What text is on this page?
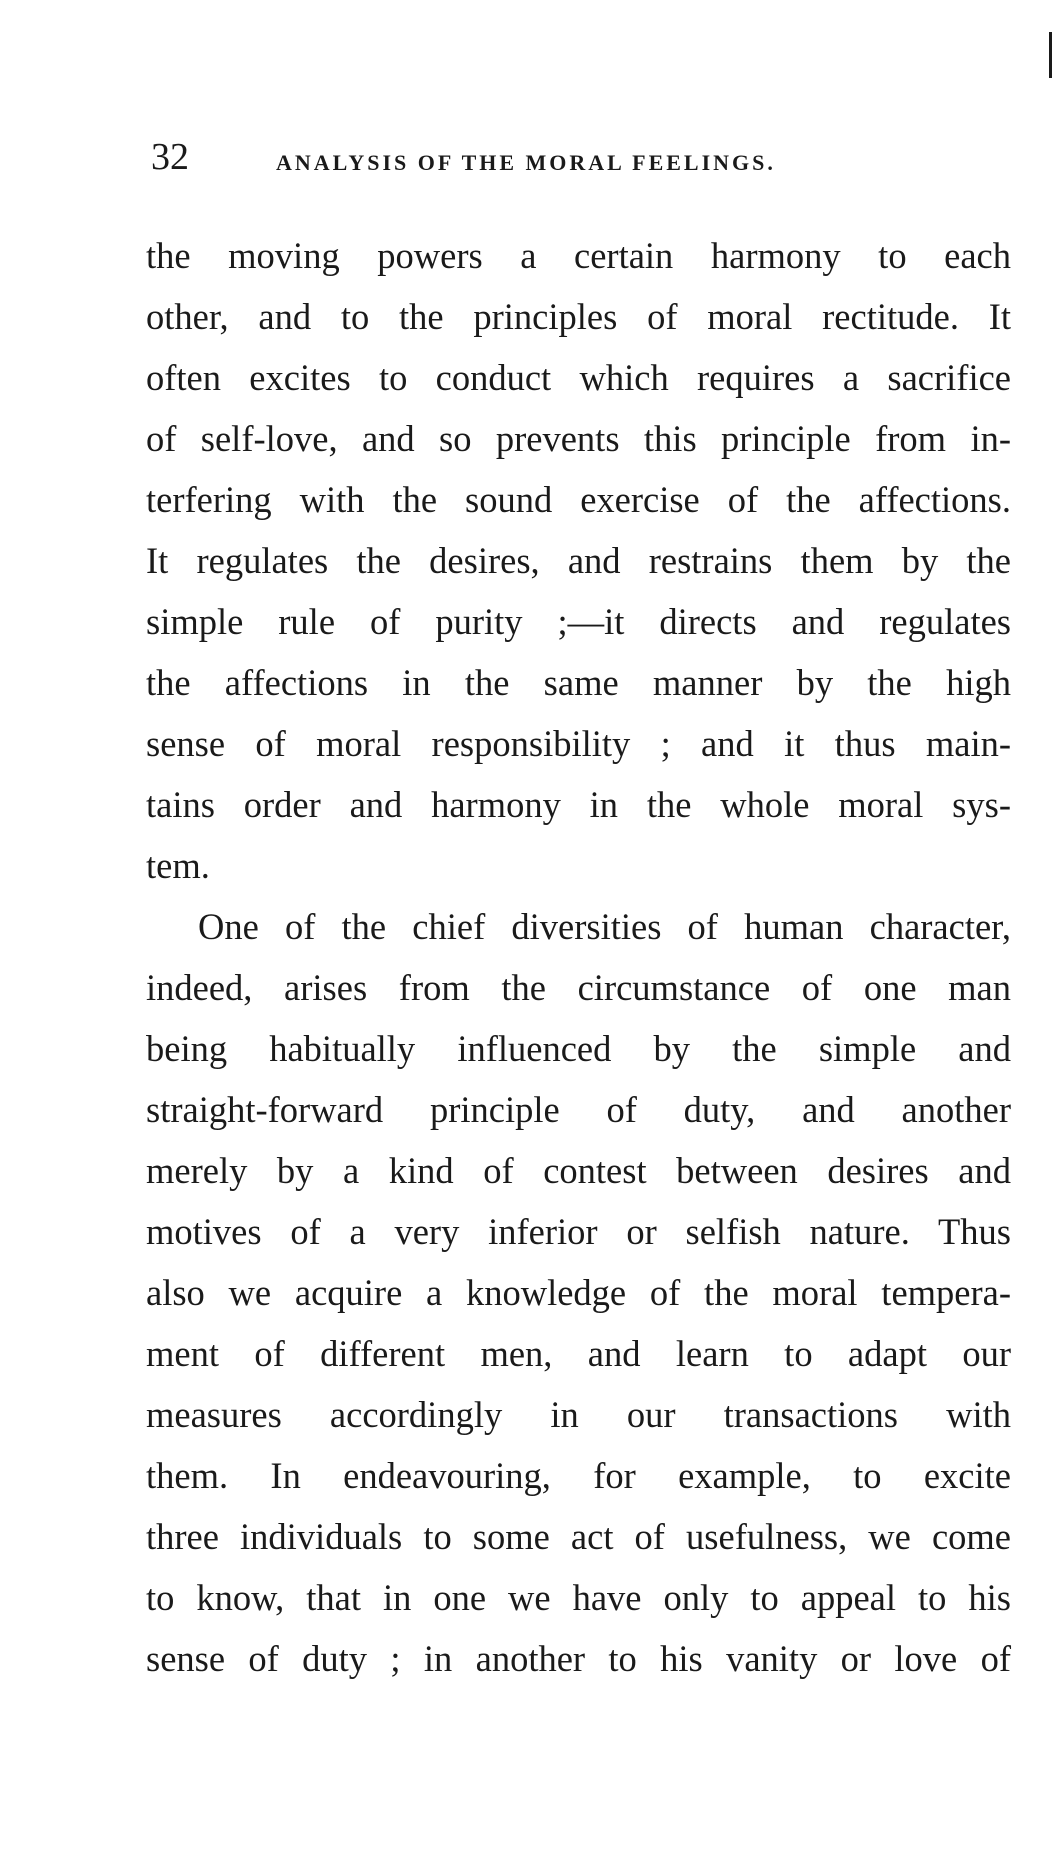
32	ANALYSIS OF THE MORAL FEELINGS.
the moving powers a certain harmony to each
other, and to the principles of moral rectitude. It
often excites to conduct which requires a sacrifice
of self-love, and so prevents this principle from in-
terfering with the sound exercise of the affections.
It regulates the desires, and restrains them by the
simple rule of purity ;—it directs and regulates
the affections in the same manner by the high
sense of moral responsibility ; and it thus main-
tains order and harmony in the whole moral sys-
tem.
One of the chief diversities of human character,
indeed, arises from the circumstance of one man
being habitually influenced by the simple and
straight-forward principle of duty, and another
merely by a kind of contest between desires and
motives of a very inferior or selfish nature. Thus
also we acquire a knowledge of the moral tempera-
ment of different men, and learn to adapt our
measures accordingly in our transactions with
them. In endeavouring, for example, to excite
three individuals to some act of usefulness, we come
to know, that in one we have only to appeal to his
sense of duty ; in another to his vanity or love of
